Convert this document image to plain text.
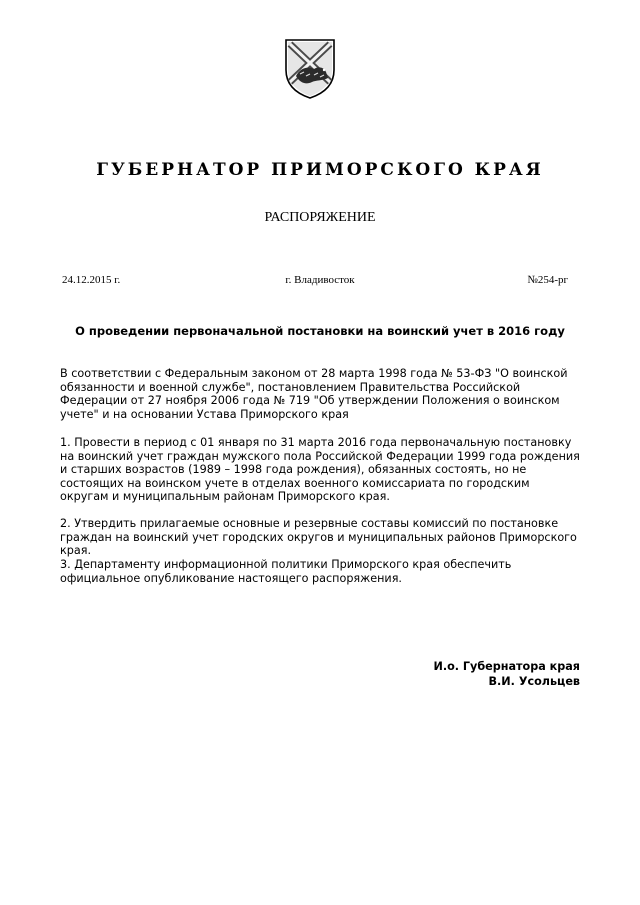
ГУБЕРНАТОР ПРИМОРСКОГО КРАЯ
РАСПОРЯЖЕНИЕ
24.12.2015 г.	г. Владивосток	№254-рг
О проведении первоначальной постановки на воинский учет в 2016 году
В соответствии с Федеральным законом от 28 марта 1998 года № 53-ФЗ "О воинской обязанности и военной службе", постановлением Правительства Российской Федерации от 27 ноября 2006 года № 719 "Об утверждении Положения о воинском учете" и на основании Устава Приморского края
1. Провести в период с 01 января по 31 марта 2016 года первоначальную постановку на воинский учет граждан мужского пола Российской Федерации 1999 года рождения и старших возрастов (1989 – 1998 года рождения), обязанных состоять, но не состоящих на воинском учете в отделах военного комиссариата по городским округам и муниципальным районам Приморского края.
2. Утвердить прилагаемые основные и резервные составы комиссий по постановке граждан на воинский учет городских округов и муниципальных районов Приморского края.
3. Департаменту информационной политики Приморского края обеспечить официальное опубликование настоящего распоряжения.
И.о. Губернатора края
В.И. Усольцев
